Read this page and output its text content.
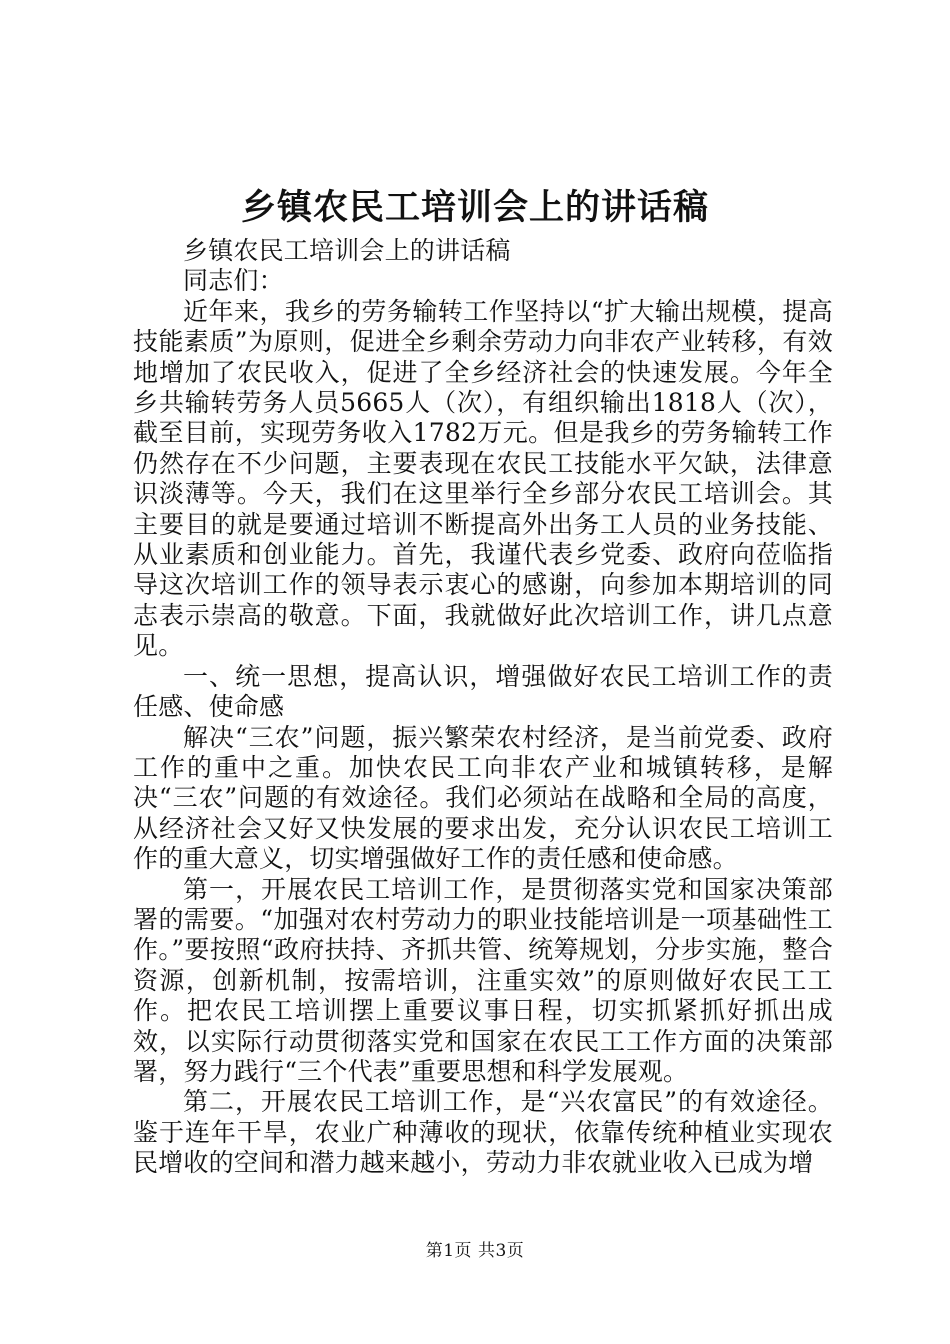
乡镇农民工培训会上的讲话稿

乡镇农民工培训会上的讲话稿

同志们：

近年来，我乡的劳务输转工作坚持以“扩大输出规模，提高技能素质”为原则，促进全乡剩余劳动力向非农产业转移，有效地增加了农民收入，促进了全乡经济社会的快速发展。今年全乡共输转劳务人员5665人（次），有组织输出1818人（次），截至目前，实现劳务收入1782万元。但是我乡的劳务输转工作仍然存在不少问题，主要表现在农民工技能水平欠缺，法律意识淡薄等。今天，我们在这里举行全乡部分农民工培训会。其主要目的就是要通过培训不断提高外出务工人员的业务技能、从业素质和创业能力。首先，我谨代表乡党委、政府向莅临指导这次培训工作的领导表示衷心的感谢，向参加本期培训的同志表示崇高的敬意。下面，我就做好此次培训工作，讲几点意见。

一、统一思想，提高认识，增强做好农民工培训工作的责任感、使命感

解决“三农”问题，振兴繁荣农村经济，是当前党委、政府工作的重中之重。加快农民工向非农产业和城镇转移，是解决“三农”问题的有效途径。我们必须站在战略和全局的高度，从经济社会又好又快发展的要求出发，充分认识农民工培训工作的重大意义，切实增强做好工作的责任感和使命感。

第一，开展农民工培训工作，是贯彻落实党和国家决策部署的需要。“加强对农村劳动力的职业技能培训是一项基础性工作。”要按照“政府扶持、齐抓共管、统筹规划，分步实施，整合资源，创新机制，按需培训，注重实效”的原则做好农民工工作。把农民工培训摆上重要议事日程，切实抓紧抓好抓出成效，以实际行动贯彻落实党和国家在农民工工作方面的决策部署，努力践行“三个代表”重要思想和科学发展观。

第二，开展农民工培训工作，是“兴农富民”的有效途径。鉴于连年干旱，农业广种薄收的现状，依靠传统种植业实现农民增收的空间和潜力越来越小，劳动力非农就业收入已成为增

第1页 共3页
